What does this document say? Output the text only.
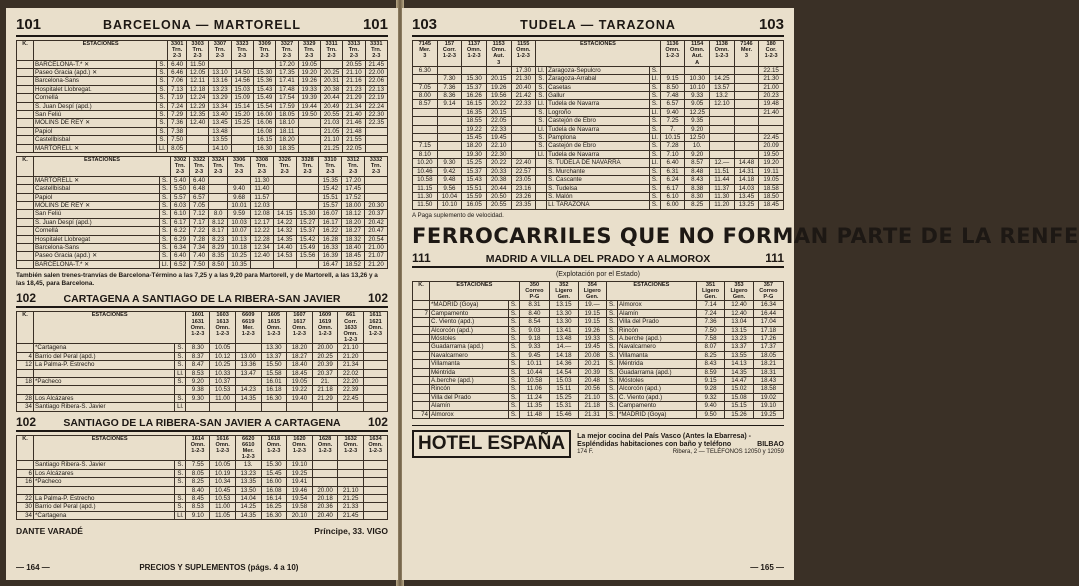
101	BARCELONA — MARTORELL	101
K.	ESTACIONES		3301
Trn.
2-3	3303
Trn.
2-3	3307
Trn.
2-3	3323
Trn.
2-3	3309
Trn.
2-3	3327
Trn.
2-3	3329
Trn.
2-3	3311
Trn.
2-3	3313
Trn.
2-3	3331
Trn.
2-3
	BARCELONA-T.* ✕	S.	6.40	11.50				17.20	19.05		20.55	21.45
	Paseo Gracia (apd.) ✕	S.	6.46	12.05	13.10	14.50	15.30	17.35	19.20	20.25	21.10	22.00
	Barcelona-Sans	S.	7.06	12.11	13.16	14.56	15.36	17.41	19.26	20.31	21.16	22.06
	Hospitalet Llobregat.	S.	7.13	12.18	13.23	15.03	15.43	17.48	19.33	20.38	21.23	22.13
	Cornellá	S.	7.19	12.24	13.29	15.09	15.49	17.54	19.39	20.44	21.29	22.19
	S. Juan Despí (apd.)	S.	7.24	12.29	13.34	15.14	15.54	17.59	19.44	20.49	21.34	22.24
	San Feliú	S.	7.29	12.35	13.40	15.20	16.00	18.05	19.50	20.55	21.40	22.30
	MOLINS DE REY ✕	S.	7.36	12.40	13.45	15.25	16.06	18.10		21.03	21.46	22.35
	Papiol	S.	7.38		13.48		16.08	18.11		21.05	21.48	
	Castellbisbal	S.	7.50		13.55		16.15	18.20		21.10	21.55	
	MARTORELL ✕	Ll.	8.05		14.10		16.30	18.35		21.25	22.05	
K.	ESTACIONES		3302
Trn.
2-3	3322
Trn.
2-3	3324
Trn.
2-3	3306
Trn.
2-3	3308
Trn.
2-3	3326
Trn.
2-3	3328
Trn.
2-3	3310
Trn.
2-3	3312
Trn.
2-3	3332
Trn.
2-3
	MARTORELL ✕	S.	5.40	6.40			11.30			15.35	17.20	
	Castellbisbal	S.	5.50	6.48		9.40	11.40			15.42	17.45	
	Papiol	S.	5.57	6.57		9.68	11.57			15.51	17.52	
	MOLINS DE REY ✕	S.	6.03	7.05		10.01	12.03			15.57	18.00	20.30
	San Feliú	S.	6.10	7.12	8.0	9.59	12.08	14.15	15.30	16.07	18.12	20.37
	S. Juan Despí (apd.)	S.	6.17	7.17	8.12	10.03	12.17	14.22	15.27	16.17	18.20	20.42
	Cornellá	S.	6.22	7.22	8.17	10.07	12.22	14.32	15.37	16.22	18.27	20.47
	Hospitalet Llobregat	S.	6.29	7.28	8.23	10.13	12.28	14.35	15.42	16.28	18.32	20.54
	Barcelona-Sans	S.	6.34	7.34	8.29	10.18	12.34	14.40	15.49	16.33	18.40	21.00
	Paseo Gracia (apd.) ✕	S.	6.40	7.40	8.35	10.25	12.40	14.53	15.56	16.39	18.45	21.07
	BARCELONA-T.* ✕	Ll.	6.52	7.50	8.50	10.35				16.47	18.52	21.20
También salen trenes-tranvías de Barcelona-Término a las 7,25 y a las 9,20 para Martorell, y de Martorell, a las 13,26 y a las 18,45, para Barcelona.
102	CARTAGENA A SANTIAGO DE LA RIBERA-SAN JAVIER 102
K.	ESTACIONES		1601
1631
Omn.
1-2-3	1603
1613
Omn.
1-2-3	6609
6619
Mer.
1-2-3	1605
1615
Omn.
1-2-3	1607
1617
Omn.
1-2-3	1609
1619
Omn.
1-2-3	661
Corr.
1633
Omn.
1-2-3	1611
1621
Omn.
1-2-3
	*Cartagena	S.	8.30	10.05		13.30	18.20	20.00	21.10	
4	Barrio del Peral (apd.)	S.	8.37	10.12	13.00	13.37	18.27	20.25	21.20	
12	La Palma-P. Estrecho	S.	8.47	10.25	13.36	15.50	18.40	20.39	21.34	
		Ll.	8.53	10.33	13.47	15.58	18.45	20.37	22.02	
18	*Pacheco	S.	9.20	10.37		16.01	19.05	21.	22.20	
			9.38	10.53	14.23	16.18	19.22	21.18	22.39	
28	Los Alcázares	S.	9.30	11.00	14.35	16.30	19.40	21.29	22.45	
34	Santiago Ribera-S. Javier	Ll.								
102	SANTIAGO DE LA RIBERA-SAN JAVIER A CARTAGENA 102
K.	ESTACIONES		1614
Omn.
1-2-3	1616
Omn.
1-2-3	6620
6610
Mer.
1-2-3	1618
Omn.
1-2-3	1620
Omn.
1-2-3	1628
Omn.
1-2-3	1632
Omn.
1-2-3	1634
Omn.
1-2-3
	Santiago Ribera-S. Javier	S.	7.55	10.05	13.	15.30	19.10			
6	Los Alcázares	S.	8.05	10.19	13.23	15.45	19.25			
16	*Pacheco	S.	8.25	10.34	13.35	16.00	19.41			
			8.40	10.45	13.50	16.08	19.46	20.00	21.10	
22	La Palma-P. Estrecho	S.	8.45	10.53	14.04	16.14	19.54	20.18	21.25	
30	Barrio del Peral (apd.)	S.	8.53	11.00	14.25	16.25	19.58	20.36	21.33	
34	*Cartagena	Ll.	9.10	11.05	14.35	16.30	20.10	20.40	21.45	
DANTE VARADÉ	Príncipe, 33. VIGO
— 164 —	PRECIOS Y SUPLEMENTOS (págs. 4 a 10)
103	TUDELA — TARAZONA	103
7145
Mer.
3	157
Corr.
1-2-3	1137
Omn.
1-2-3	1153
Omn.
Aut.
3	1155
Omn.
1-2-3	ESTACIONES			1136
Omn.
1-2-3	1154
Omn.
Aut.
A	1138
Omn.
1-2-3	7146
Mer.
3	180
Cor.
1-2-3
6.30				17.30	Ll.	Zaragoza-Sepulcro	S.					22.15
	7.30	15.30	20.15	21.30	S.	Zaragoza-Arrabal	Ll.	9.15	10.30	14.25		21.30
7.05	7.36	15.37	19.26	20.40	S.	Casetas	S.	8.50	10.10	13.57		21.00
8.00	8.36	16.26	19.56	21.42	S.	Gallur	S.	7.48	9.33	13.2		20.23
8.57	9.14	16.15	20.22	22.33	Ll.	Tudela de Navarra	S.	6.57	9.05	12.10		19.48
		16.35	20.15		S.	Logroño	Ll.	9.40	12.25			21.40
		18.55	22.05		S.	Castejón de Ebro	S.	7.25	9.35			
		19.22	22.33		Ll.	Tudela de Navarra	S.	7.	9.20			
		15.45	19.45		S.	Pamplona	Ll.	10.15	12.50			22.45
7.15		18.20	22.10		S.	Castejón de Ebro	S.	7.28	10.			20.09
8.10		19.30	22.30		Ll.	Tudela de Navarra	S.	7.10	9.20			19.50
10.20	9.30	15.25	20.22	22.40		S. TUDELA DE NAVARRA	Ll.	6.40	8.57	12.—	14.48	19.20
10.46	9.42	15.37	20.33	22.57		S. Murchante	S.	6.31	8.48	11.51	14.31	19.11
10.58	9.48	15.43	20.38	23.05		S. Cascante	S.	6.24	8.43	11.44	14.18	19.05
11.15	9.56	15.51	20.44	23.16		S. Tudelsa	S.	6.17	8.38	11.37	14.03	18.58
11.30	10.04	15.59	20.50	23.26		S. Malón	S.	6.10	8.30	11.30	13.45	18.50
11.50	10.10	16.05	20.55	23.35		Ll. TARAZONA	S.	6.00	8.25	11.20	13.25	18.45
A Paga suplemento de velocidad.
FERROCARRILES QUE NO FORMAN PARTE DE LA RENFE
111	MADRID A VILLA DEL PRADO Y A ALMOROX	111
(Explotación por el Estado)
K.	ESTACIONES		350
Correo
P-G	352
Ligero
Gen.	354
Ligero
Gen.	ESTACIONES		351
Ligero
Gen.	353
Ligero
Gen.	357
Correo
P-G
	*MADRID (Goya)	S.	8.31	13.15	19.—	S.	Almorox	7.14	12.40	16.34
7	Campamento	S.	8.40	13.30	19.15	S.	Alamín	7.24	12.40	16.44
	C. Viento (apd.)	S.	8.54	13.30	19.15	S.	Villa del Prado	7.36	13.04	17.04
	Alcorcón (apd.)	S.	9.03	13.41	19.26	S.	Rincón	7.50	13.15	17.18
	Móstoles	S.	9.18	13.48	19.33	S.	A.berche (apd.)	7.58	13.23	17.26
	Guadarrama (apd.)	S.	9.33	14.—	19.45	S.	Navalcarnero	8.07	13.37	17.37
	Navalcarnero	S.	9.45	14.18	20.08	S.	Villamanta	8.25	13.55	18.05
	Villamanta	S.	10.11	14.36	20.21	S.	Méntrida	8.43	14.13	18.21
	Méntrida	S.	10.44	14.54	20.39	S.	Guadarrama (apd.)	8.59	14.35	18.31
	A.berche (apd.)	S.	10.58	15.03	20.48	S.	Móstoles	9.15	14.47	18.43
	Rincón	S.	11.06	15.11	20.56	S.	Alcorcón (apd.)	9.28	15.02	18.58
	Villa del Prado	S.	11.24	15.25	21.10	S.	C. Viento (apd.)	9.32	15.08	19.02
	Alamín	S.	11.35	15.31	21.18	S.	Campamento	9.40	15.15	19.10
74	Almorox	S.	11.48	15.46	21.31	S.	*MADRID (Goya)	9.50	15.26	19.25
HOTEL ESPAÑA	La mejor cocina del País Vasco (Antes la Ebarresa) - Espléndidas habitaciones con baño y teléfono	BILBAO
174 F.	Ribera, 2 — TELÉFONOS 12050 y 12059
— 165 —
